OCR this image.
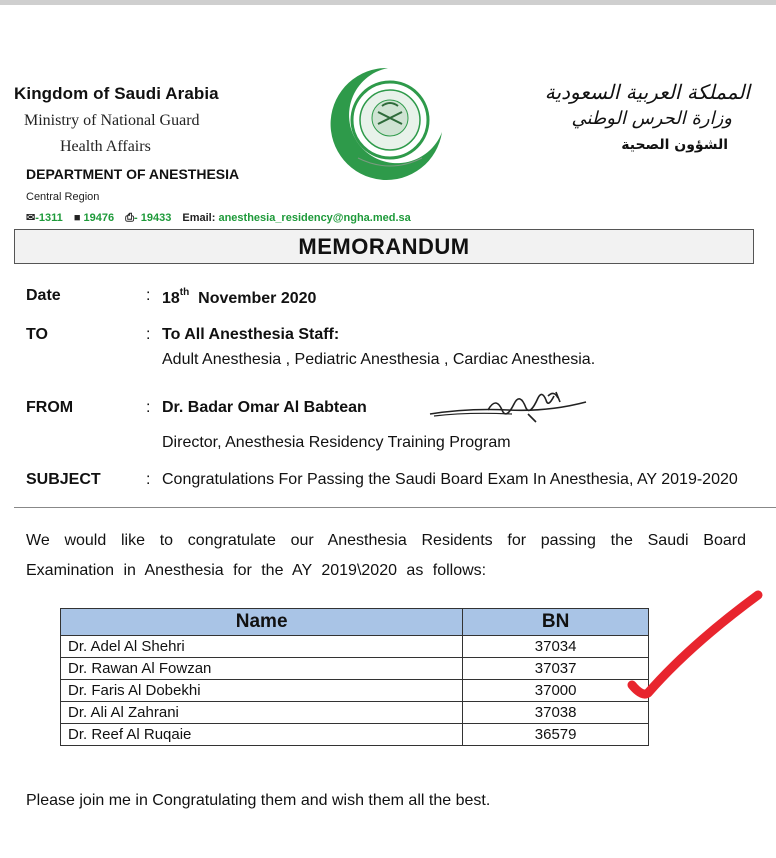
Kingdom of Saudi Arabia
Ministry of National Guard
Health Affairs
DEPARTMENT OF ANESTHESIA
Central Region
✉-1311 ■ 19476 ⎙- 19433 Email: anesthesia_residency@ngha.med.sa
المملكة العربية السعودية
وزارة الحرس الوطني
الشؤون الصحية
MEMORANDUM
Date	: 18th November 2020
TO	: To All Anesthesia Staff:
Adult Anesthesia , Pediatric Anesthesia , Cardiac Anesthesia.
FROM	: Dr. Badar Omar Al Babtean
Director, Anesthesia Residency Training Program
SUBJECT	: Congratulations For Passing the Saudi Board Exam In Anesthesia, AY 2019-2020
We would like to congratulate our Anesthesia Residents for passing the Saudi Board Examination in Anesthesia for the AY 2019\2020 as follows:
Name	BN
Dr. Adel Al Shehri	37034
Dr. Rawan Al Fowzan	37037
Dr. Faris Al Dobekhi	37000
Dr. Ali Al Zahrani	37038
Dr. Reef Al Ruqaie	36579
Please join me in Congratulating them and wish them all the best.
